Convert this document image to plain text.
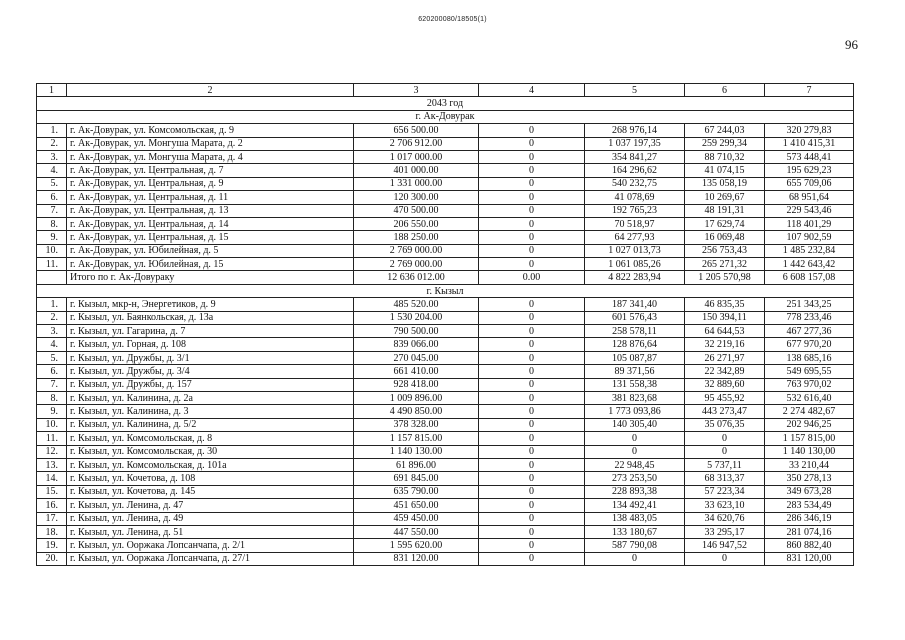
620200080/18505(1)
96
1	2	3	4	5	6	7
2043 год						
г. Ак-Довурак						
1.	г. Ак-Довурак, ул. Комсомольская, д. 9	656 500.00	0	268 976,14	67 244,03	320 279,83
2.	г. Ак-Довурак, ул. Монгуша Марата, д. 2	2 706 912.00	0	1 037 197,35	259 299,34	1 410 415,31
3.	г. Ак-Довурак, ул. Монгуша Марата, д. 4	1 017 000.00	0	354 841,27	88 710,32	573 448,41
4.	г. Ак-Довурак, ул. Центральная, д. 7	401 000.00	0	164 296,62	41 074,15	195 629,23
5.	г. Ак-Довурак, ул. Центральная, д. 9	1 331 000.00	0	540 232,75	135 058,19	655 709,06
6.	г. Ак-Довурак, ул. Центральная, д. 11	120 300.00	0	41 078,69	10 269,67	68 951,64
7.	г. Ак-Довурак, ул. Центральная, д. 13	470 500.00	0	192 765,23	48 191,31	229 543,46
8.	г. Ак-Довурак, ул. Центральная, д. 14	206 550.00	0	70 518,97	17 629,74	118 401,29
9.	г. Ак-Довурак, ул. Центральная, д. 15	188 250.00	0	64 277,93	16 069,48	107 902,59
10.	г. Ак-Довурак, ул. Юбилейная, д. 5	2 769 000.00	0	1 027 013,73	256 753,43	1 485 232,84
11.	г. Ак-Довурак, ул. Юбилейная, д. 15	2 769 000.00	0	1 061 085,26	265 271,32	1 442 643,42
	Итого по г. Ак-Довураку	12 636 012.00	0.00	4 822 283,94	1 205 570,98	6 608 157,08
г. Кызыл						
1.	г. Кызыл, мкр-н, Энергетиков, д. 9	485 520.00	0	187 341,40	46 835,35	251 343,25
2.	г. Кызыл, ул. Баянкольская, д. 13а	1 530 204.00	0	601 576,43	150 394,11	778 233,46
3.	г. Кызыл, ул. Гагарина, д. 7	790 500.00	0	258 578,11	64 644,53	467 277,36
4.	г. Кызыл, ул. Горная, д. 108	839 066.00	0	128 876,64	32 219,16	677 970,20
5.	г. Кызыл, ул. Дружбы, д. 3/1	270 045.00	0	105 087,87	26 271,97	138 685,16
6.	г. Кызыл, ул. Дружбы, д. 3/4	661 410.00	0	89 371,56	22 342,89	549 695,55
7.	г. Кызыл, ул. Дружбы, д. 157	928 418.00	0	131 558,38	32 889,60	763 970,02
8.	г. Кызыл, ул. Калинина, д. 2а	1 009 896.00	0	381 823,68	95 455,92	532 616,40
9.	г. Кызыл, ул. Калинина, д. 3	4 490 850.00	0	1 773 093,86	443 273,47	2 274 482,67
10.	г. Кызыл, ул. Калинина, д. 5/2	378 328.00	0	140 305,40	35 076,35	202 946,25
11.	г. Кызыл, ул. Комсомольская, д. 8	1 157 815.00	0	0	0	1 157 815,00
12.	г. Кызыл, ул. Комсомольская, д. 30	1 140 130.00	0	0	0	1 140 130,00
13.	г. Кызыл, ул. Комсомольская, д. 101а	61 896.00	0	22 948,45	5 737,11	33 210,44
14.	г. Кызыл, ул. Кочетова, д. 108	691 845.00	0	273 253,50	68 313,37	350 278,13
15.	г. Кызыл, ул. Кочетова, д. 145	635 790.00	0	228 893,38	57 223,34	349 673,28
16.	г. Кызыл, ул. Ленина, д. 47	451 650.00	0	134 492,41	33 623,10	283 534,49
17.	г. Кызыл, ул. Ленина, д. 49	459 450.00	0	138 483,05	34 620,76	286 346,19
18.	г. Кызыл, ул. Ленина, д. 51	447 550.00	0	133 180,67	33 295,17	281 074,16
19.	г. Кызыл, ул. Ооржака Лопсанчапа, д. 2/1	1 595 620.00	0	587 790,08	146 947,52	860 882,40
20.	г. Кызыл, ул. Ооржака Лопсанчапа, д. 27/1	831 120.00	0	0	0	831 120,00
